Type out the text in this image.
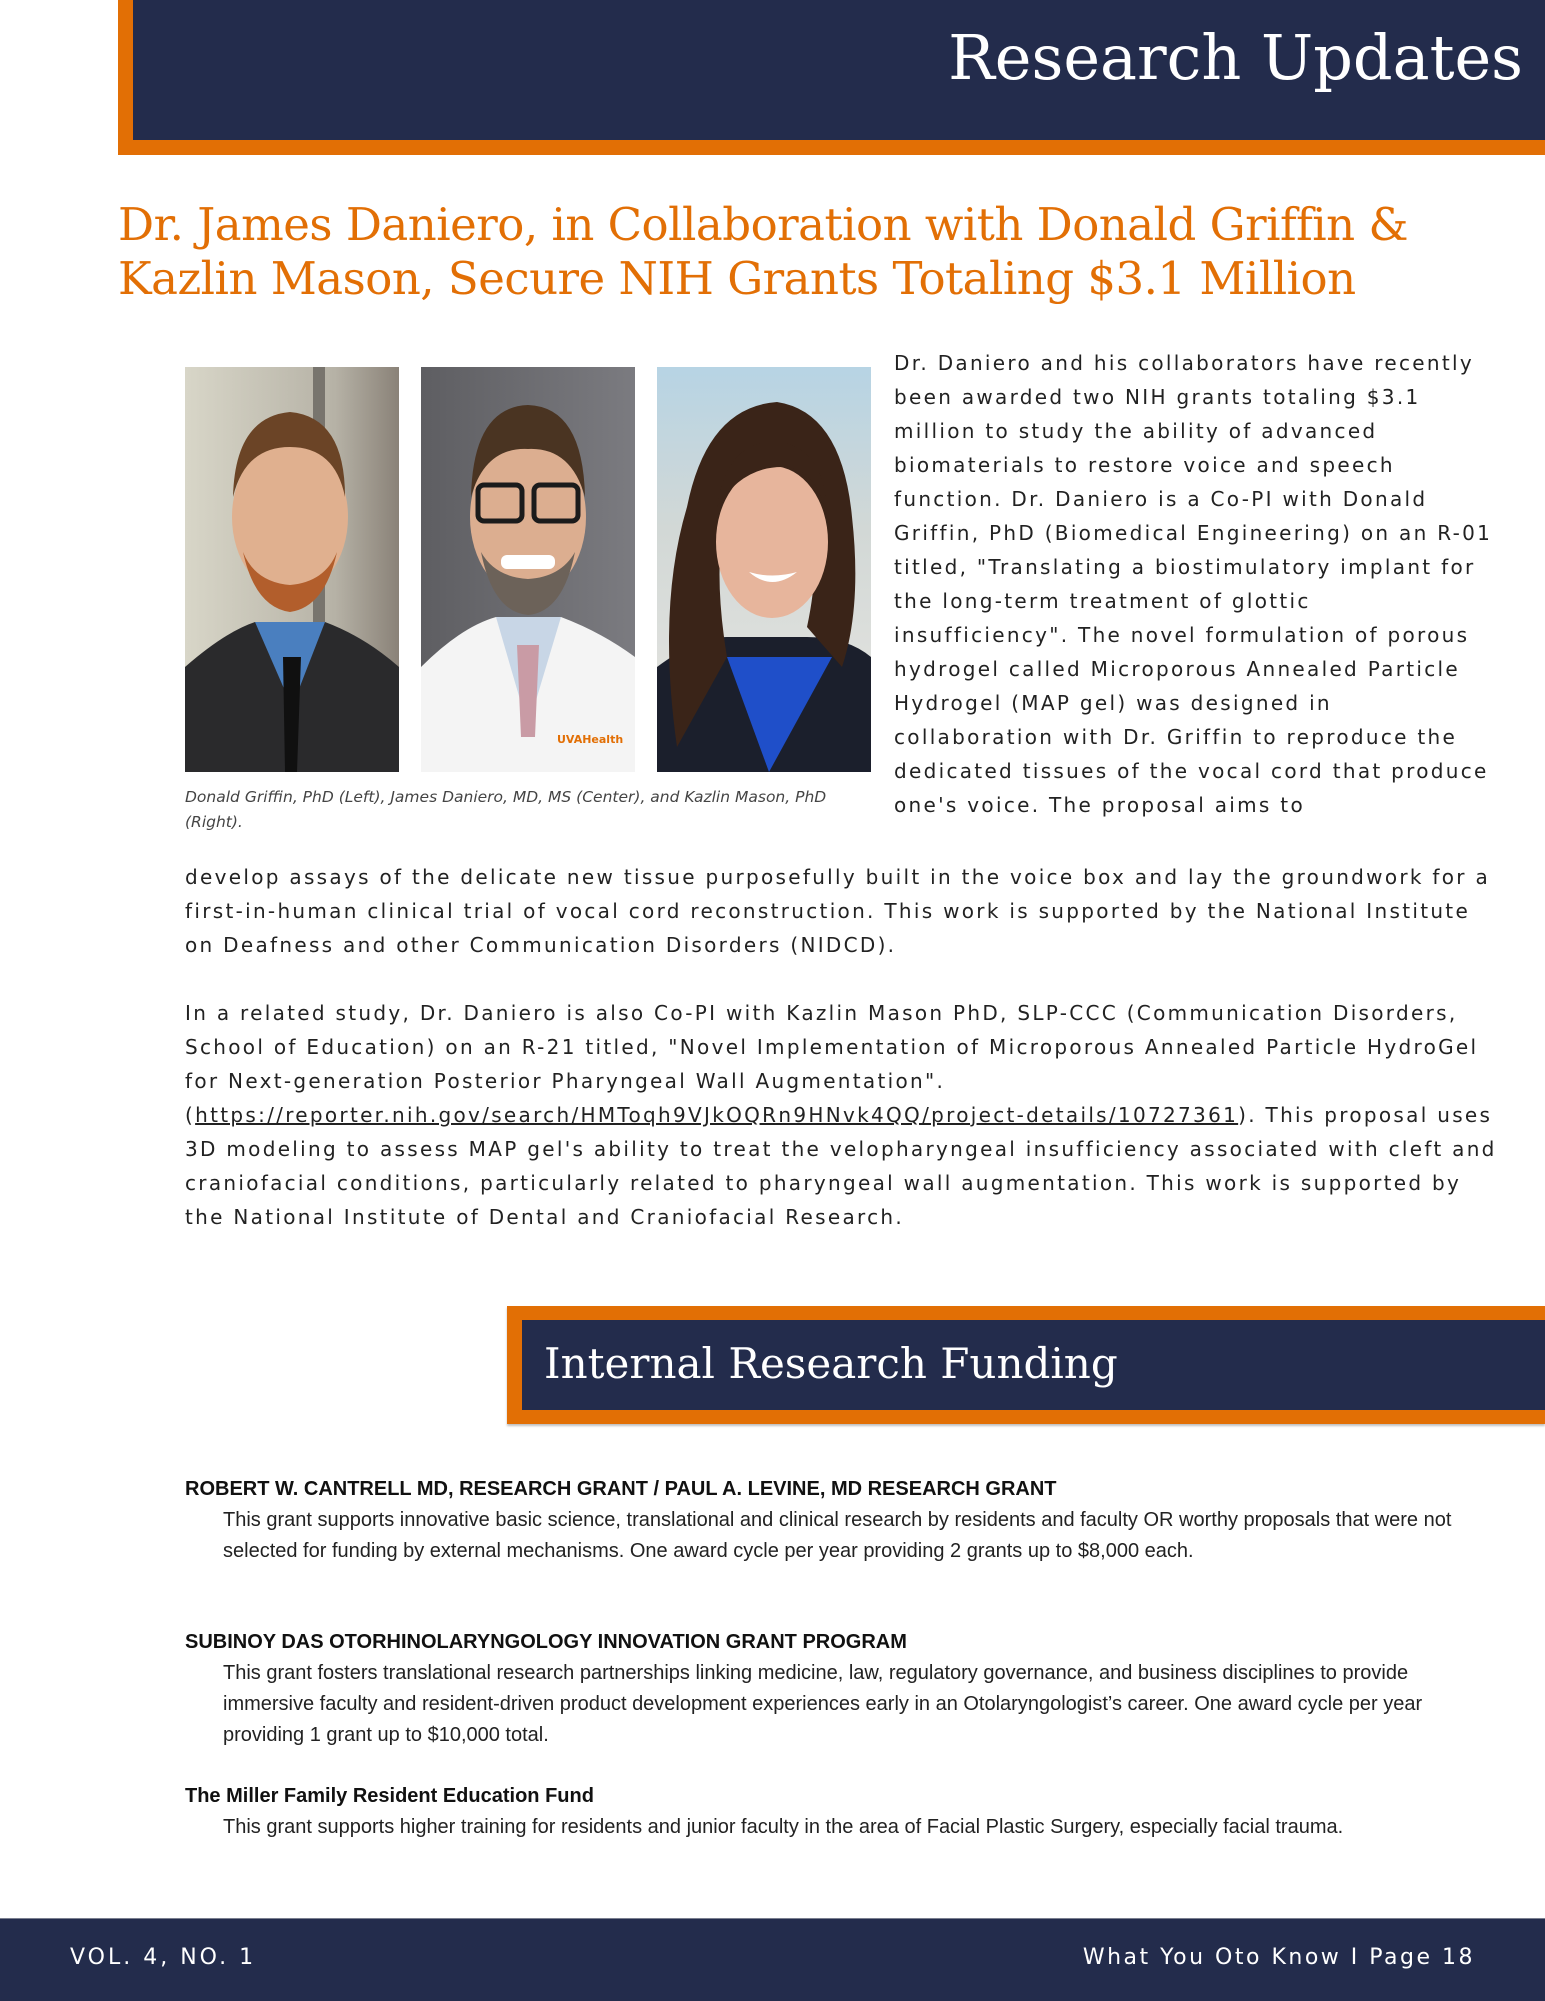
Research Updates
Dr. James Daniero, in Collaboration with Donald Griffin & Kazlin Mason, Secure NIH Grants Totaling $3.1 Million
UVAHealth
Donald Griffin, PhD (Left), James Daniero, MD, MS (Center), and Kazlin Mason, PhD (Right).
Dr. Daniero and his collaborators have recently been awarded two NIH grants totaling $3.1 million to study the ability of advanced biomaterials to restore voice and speech function. Dr. Daniero is a Co-PI with Donald Griffin, PhD (Biomedical Engineering) on an R-01 titled, "Translating a biostimulatory implant for the long-term treatment of glottic insufficiency". The novel formulation of porous hydrogel called Microporous Annealed Particle Hydrogel (MAP gel) was designed in collaboration with Dr. Griffin to reproduce the dedicated tissues of the vocal cord that produce one's voice. The proposal aims to
develop assays of the delicate new tissue purposefully built in the voice box and lay the groundwork for a first-in-human clinical trial of vocal cord reconstruction. This work is supported by the National Institute on Deafness and other Communication Disorders (NIDCD).
In a related study, Dr. Daniero is also Co-PI with Kazlin Mason PhD, SLP-CCC (Communication Disorders, School of Education) on an R-21 titled, "Novel Implementation of Microporous Annealed Particle HydroGel for Next-generation Posterior Pharyngeal Wall Augmentation". (https://reporter.nih.gov/search/HMToqh9VJkOQRn9HNvk4QQ/project-details/10727361). This proposal uses 3D modeling to assess MAP gel's ability to treat the velopharyngeal insufficiency associated with cleft and craniofacial conditions, particularly related to pharyngeal wall augmentation. This work is supported by the National Institute of Dental and Craniofacial Research.
Internal Research Funding
ROBERT W. CANTRELL MD, RESEARCH GRANT / PAUL A. LEVINE, MD RESEARCH GRANT
This grant supports innovative basic science, translational and clinical research by residents and faculty OR worthy proposals that were not selected for funding by external mechanisms. One award cycle per year providing 2 grants up to $8,000 each.
SUBINOY DAS OTORHINOLARYNGOLOGY INNOVATION GRANT PROGRAM
This grant fosters translational research partnerships linking medicine, law, regulatory governance, and business disciplines to provide immersive faculty and resident-driven product development experiences early in an Otolaryngologist’s career. One award cycle per year providing 1 grant up to $10,000 total.
The Miller Family Resident Education Fund
This grant supports higher training for residents and junior faculty in the area of Facial Plastic Surgery, especially facial trauma.
VOL. 4, NO. 1	What You Oto Know I Page 18
